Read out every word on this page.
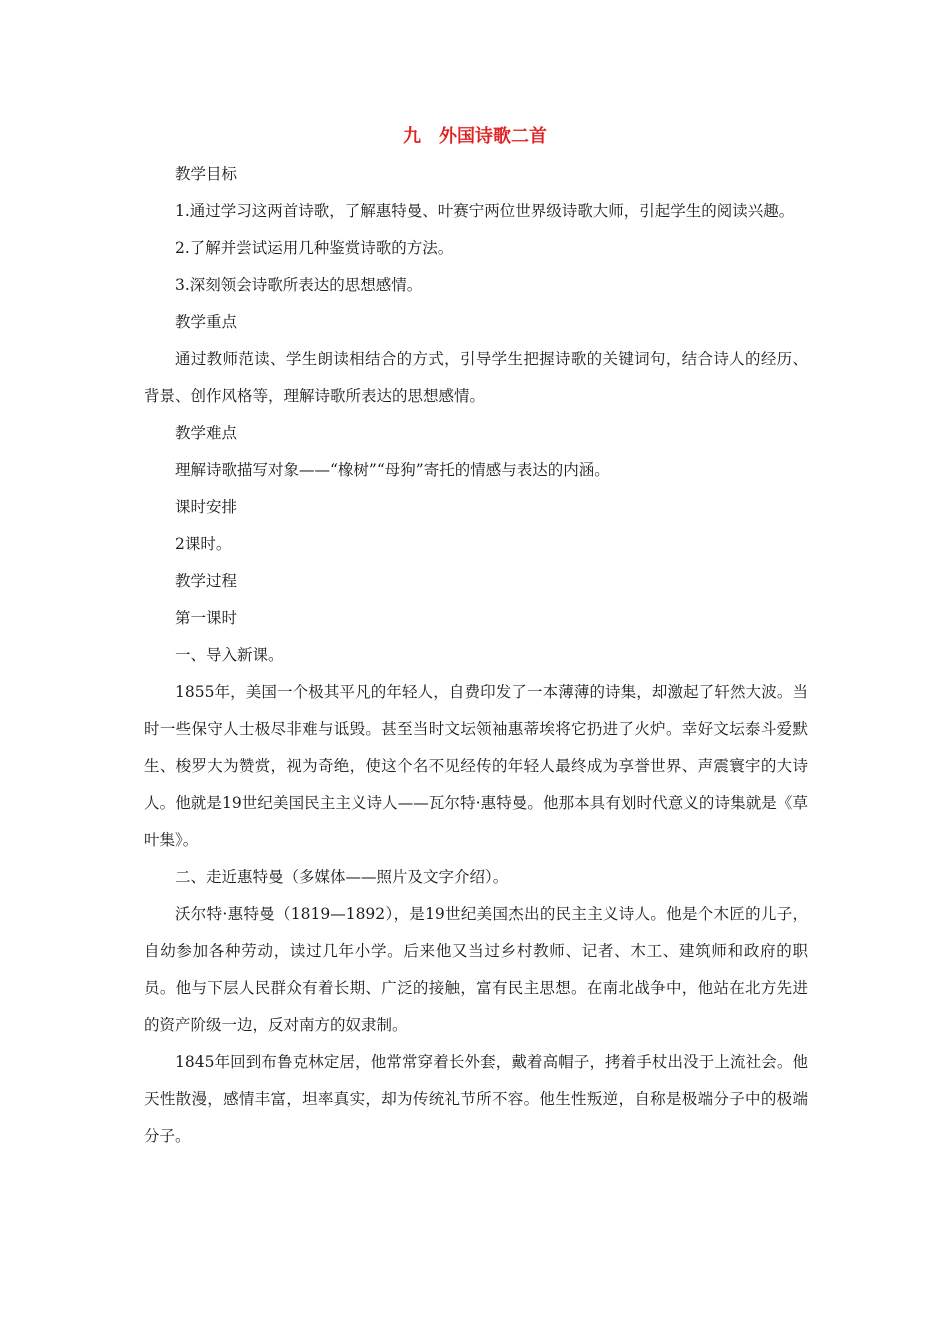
九　外国诗歌二首

教学目标

1.通过学习这两首诗歌，了解惠特曼、叶赛宁两位世界级诗歌大师，引起学生的阅读兴趣。

2.了解并尝试运用几种鉴赏诗歌的方法。

3.深刻领会诗歌所表达的思想感情。

教学重点

通过教师范读、学生朗读相结合的方式，引导学生把握诗歌的关键词句，结合诗人的经历、背景、创作风格等，理解诗歌所表达的思想感情。

教学难点

理解诗歌描写对象——“橡树”“母狗”寄托的情感与表达的内涵。

课时安排

2课时。

教学过程

第一课时

一、导入新课。

1855年，美国一个极其平凡的年轻人，自费印发了一本薄薄的诗集，却激起了轩然大波。当时一些保守人士极尽非难与诋毁。甚至当时文坛领袖惠蒂埃将它扔进了火炉。幸好文坛泰斗爱默生、梭罗大为赞赏，视为奇绝，使这个名不见经传的年轻人最终成为享誉世界、声震寰宇的大诗人。他就是19世纪美国民主主义诗人——瓦尔特·惠特曼。他那本具有划时代意义的诗集就是《草叶集》。

二、走近惠特曼（多媒体——照片及文字介绍）。

沃尔特·惠特曼（1819—1892），是19世纪美国杰出的民主主义诗人。他是个木匠的儿子，自幼参加各种劳动，读过几年小学。后来他又当过乡村教师、记者、木工、建筑师和政府的职员。他与下层人民群众有着长期、广泛的接触，富有民主思想。在南北战争中，他站在北方先进的资产阶级一边，反对南方的奴隶制。

1845年回到布鲁克林定居，他常常穿着长外套，戴着高帽子，拷着手杖出没于上流社会。他天性散漫，感情丰富，坦率真实，却为传统礼节所不容。他生性叛逆，自称是极端分子中的极端分子。
